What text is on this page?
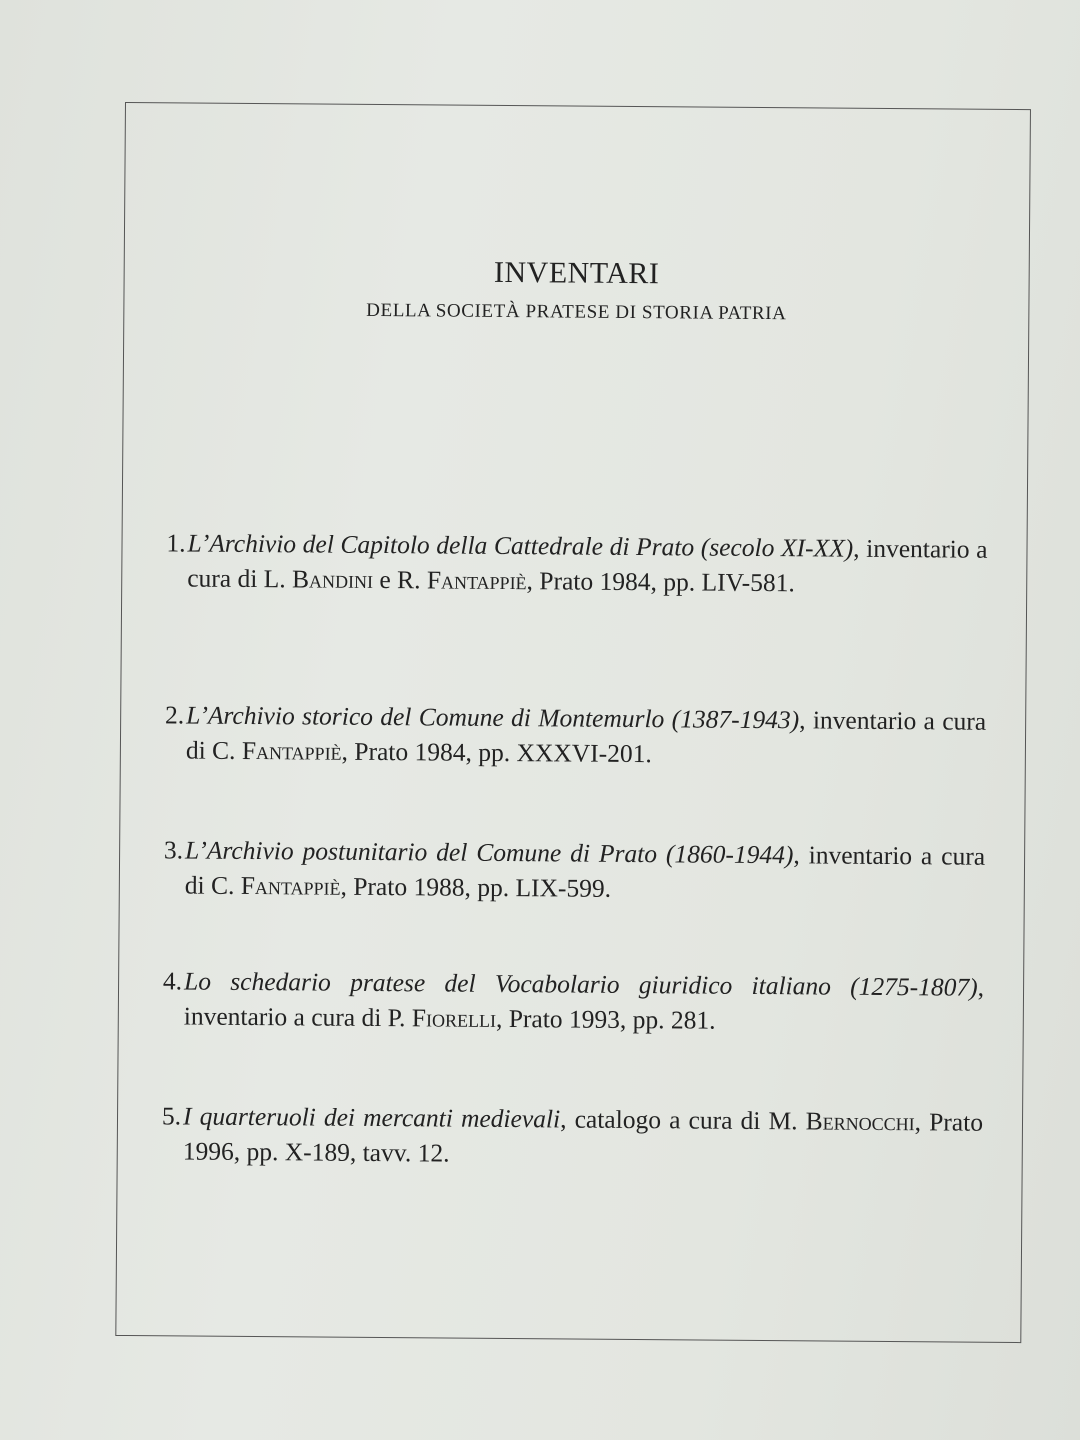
INVENTARI
DELLA SOCIETÀ PRATESE DI STORIA PATRIA
1. L’Archivio del Capitolo della Cattedrale di Prato (secolo XI-XX), inventario a cura di L. Bandini e R. Fantappiè, Prato 1984, pp. LIV-581.
2. L’Archivio storico del Comune di Montemurlo (1387-1943), inventario a cura di C. Fantappiè, Prato 1984, pp. XXXVI-201.
3. L’Archivio postunitario del Comune di Prato (1860-1944), inventario a cura di C. Fantappiè, Prato 1988, pp. LIX-599.
4. Lo schedario pratese del Vocabolario giuridico italiano (1275-1807), inventario a cura di P. Fiorelli, Prato 1993, pp. 281.
5. I quarteruoli dei mercanti medievali, catalogo a cura di M. Bernocchi, Prato 1996, pp. X-189, tavv. 12.
